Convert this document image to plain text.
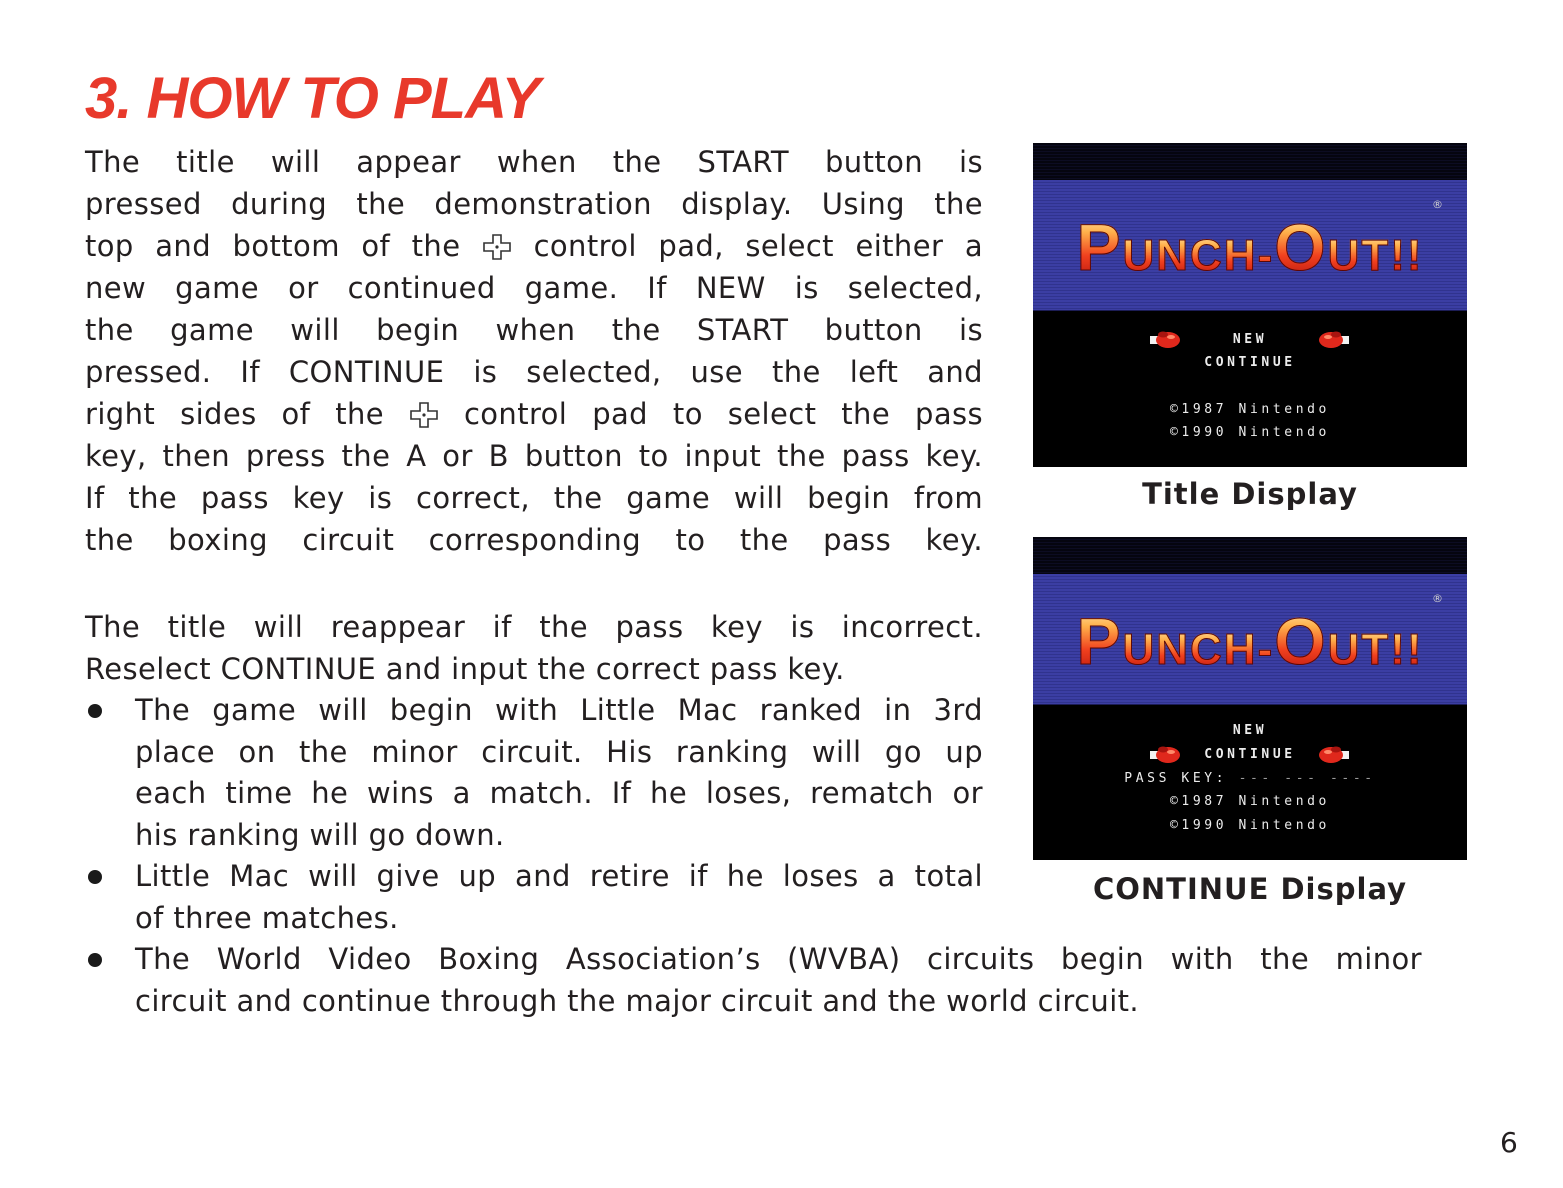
3. HOW TO PLAY
The title will appear when the START button is
pressed during the demonstration display. Using the
top and bottom of the	control pad, select either a
new game or continued game. If NEW is selected,
the game will begin when the START button is
pressed. If CONTINUE is selected, use the left and
right sides of the	control pad to select the pass
key, then press the A or B button to input the pass key.
If the pass key is correct, the game will begin from
the boxing circuit corresponding to the pass key.
The title will reappear if the pass key is incorrect.
Reselect CONTINUE and input the correct pass key.
The game will begin with Little Mac ranked in 3rd
place on the minor circuit. His ranking will go up
each time he wins a match. If he loses, rematch or
his ranking will go down.
Little Mac will give up and retire if he loses a total
of three matches.
The World Video Boxing Association’s (WVBA) circuits begin with the minor
circuit and continue through the major circuit and the world circuit.
PUNCH-OUT!!
®
NEW
CONTINUE
©1987 Nintendo
©1990 Nintendo
Title Display
PUNCH-OUT!!
®
NEW
CONTINUE
PASS KEY: --- --- ----
©1987 Nintendo
©1990 Nintendo
CONTINUE Display
6
